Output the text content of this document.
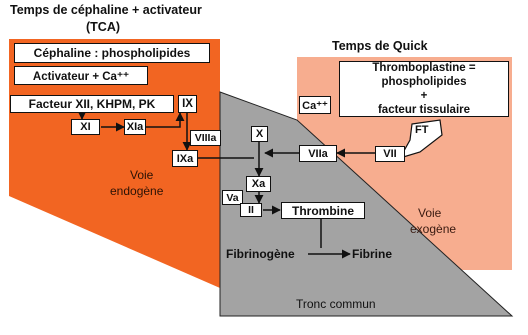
Temps de céphaline + activateur
(TCA)
Temps de Quick
Céphaline : phospholipides
Activateur + Ca⁺⁺
Facteur XII, KHPM, PK	IX
XI	XIa
VIIIa
IXa
Voie
endogène
Thromboplastine =
phospholipides
+
facteur tissulaire
Ca⁺⁺
FT
VII
VIIa
Voie
exogène
X
Xa
Va
II	Thrombine
Fibrinogène	Fibrine
Tronc commun
